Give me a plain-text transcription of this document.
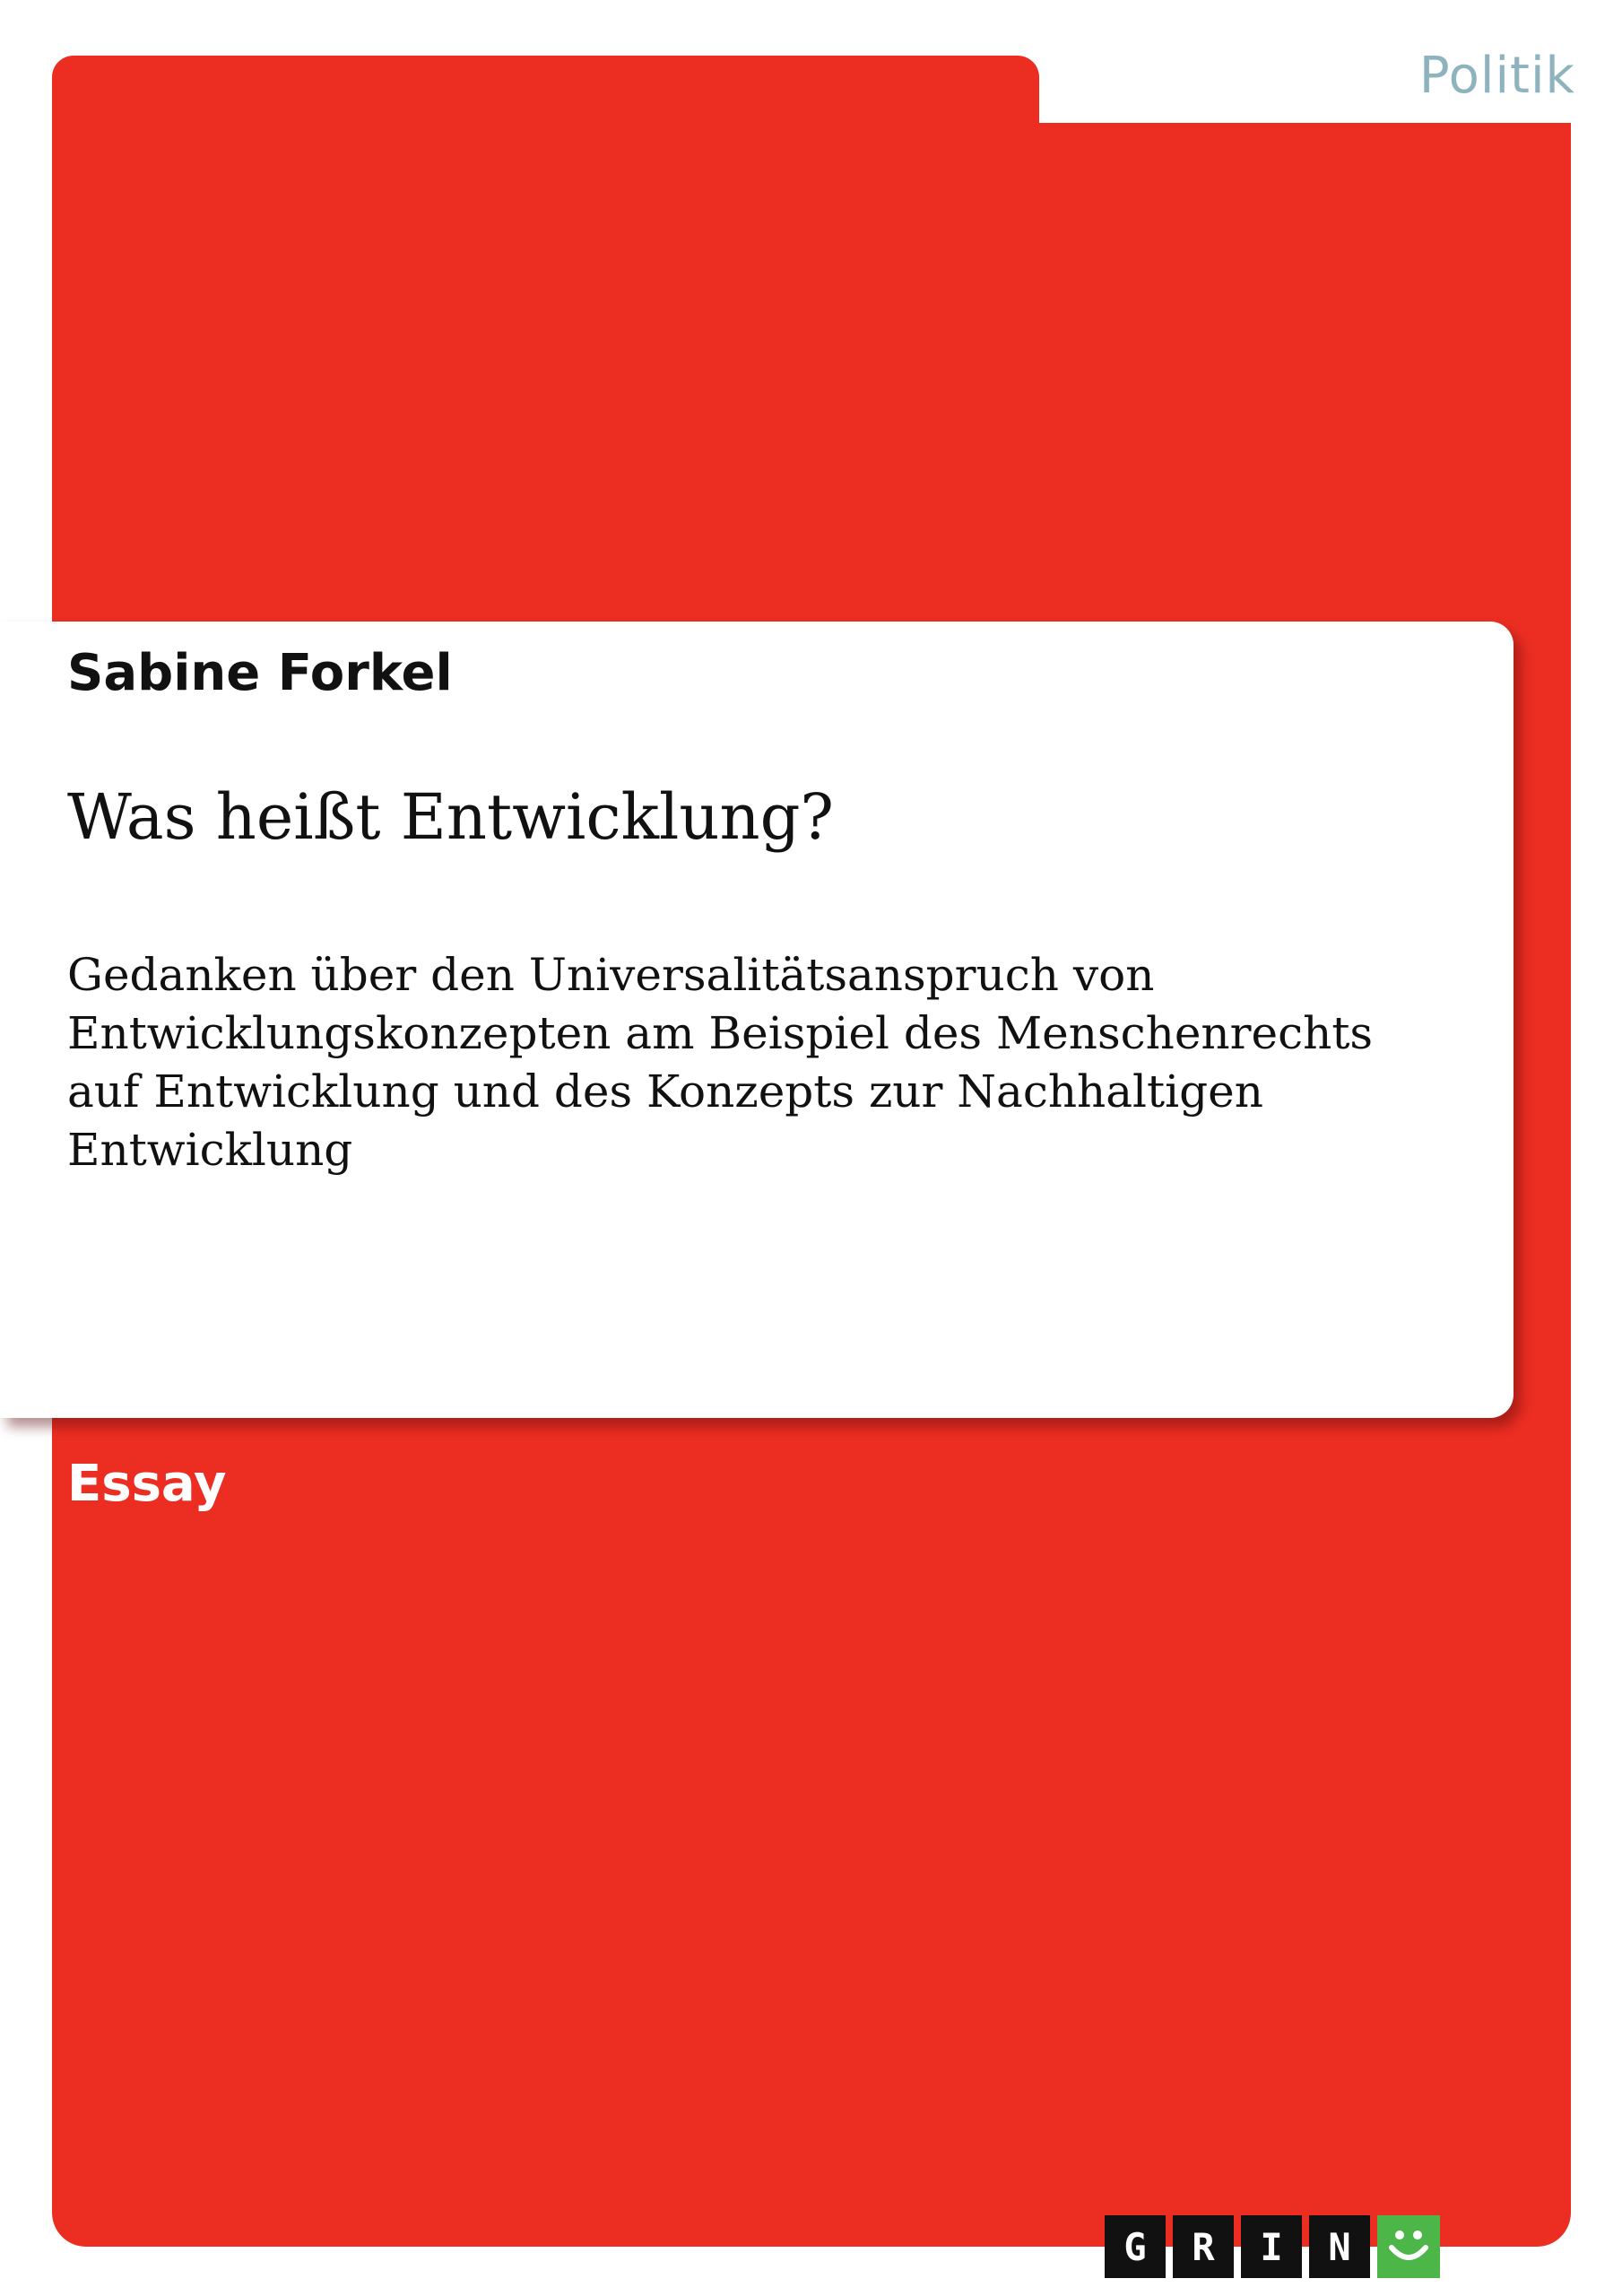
Politik
Sabine Forkel
Was heißt Entwicklung?
Gedanken über den Universalitätsanspruch von Entwicklungskonzepten am Beispiel des Menschenrechts auf Entwicklung und des Konzepts zur Nachhaltigen Entwicklung
Essay
G	R	I	N
